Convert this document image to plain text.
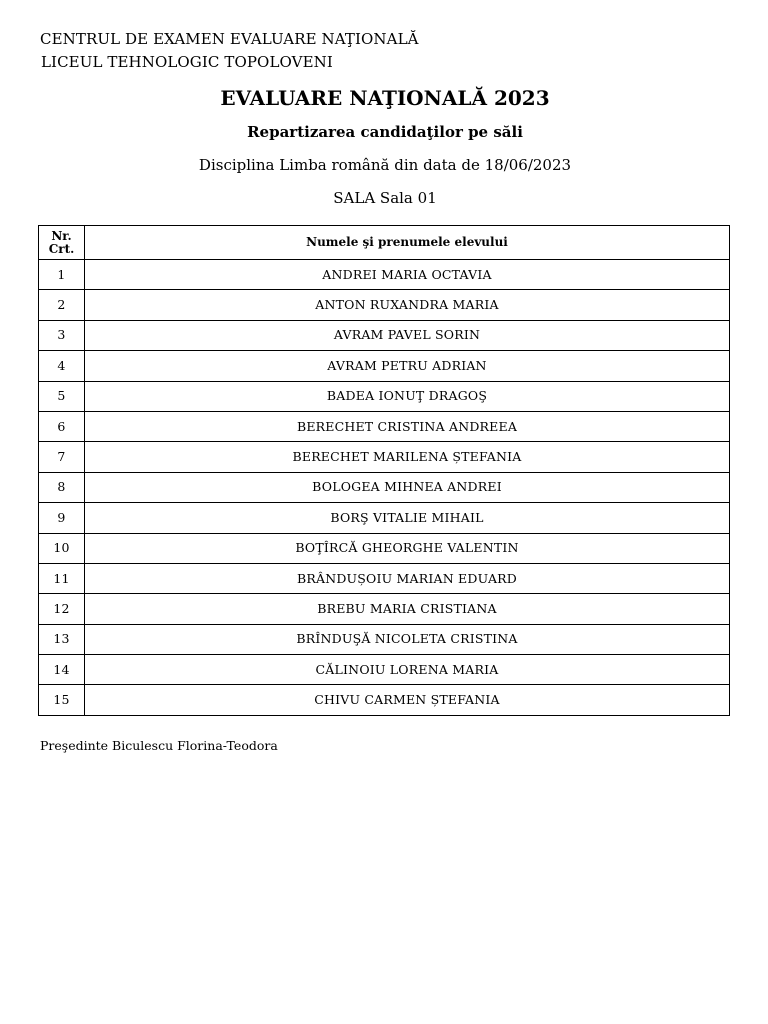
CENTRUL DE EXAMEN EVALUARE NAŢIONALĂ
LICEUL TEHNOLOGIC TOPOLOVENI
EVALUARE NAŢIONALĂ 2023
Repartizarea candidaţilor pe săli
Disciplina Limba română din data de 18/06/2023
SALA Sala 01
Nr.
Crt.	Numele şi prenumele elevului
1	ANDREI MARIA OCTAVIA
2	ANTON RUXANDRA MARIA
3	AVRAM PAVEL SORIN
4	AVRAM PETRU ADRIAN
5	BADEA IONUŢ DRAGOŞ
6	BERECHET CRISTINA ANDREEA
7	BERECHET MARILENA ȘTEFANIA
8	BOLOGEA MIHNEA ANDREI
9	BORŞ VITALIE MIHAIL
10	BOŢÎRCĂ GHEORGHE VALENTIN
11	BRÂNDUȘOIU MARIAN EDUARD
12	BREBU MARIA CRISTIANA
13	BRÎNDUŞĂ NICOLETA CRISTINA
14	CĂLINOIU LORENA MARIA
15	CHIVU CARMEN ȘTEFANIA
Preşedinte Biculescu Florina-Teodora
